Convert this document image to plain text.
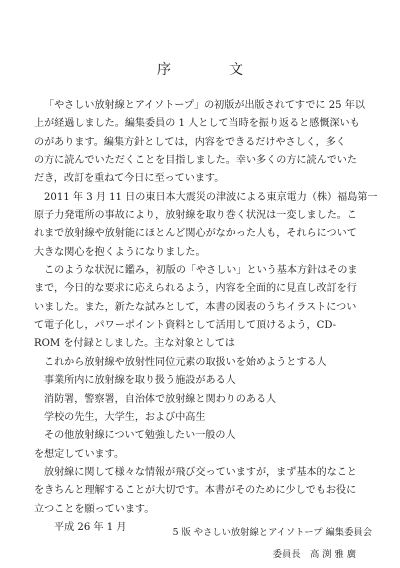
序　文
「やさしい放射線とアイソトープ」の初版が出版されてすでに 25 年以
上が経過しました。編集委員の 1 人として当時を振り返ると感慨深いも
のがあります。編集方針としては，内容をできるだけやさしく，多く
の方に読んでいただくことを目指しました。幸い多くの方に読んでいた
だき，改訂を重ねて今日に至っています。
2011 年 3 月 11 日の東日本大震災の津波による東京電力（株）福島第一
原子力発電所の事故により，放射線を取り巻く状況は一変しました。こ
れまで放射線や放射能にほとんど関心がなかった人も，それらについて
大きな関心を抱くようになりました。
このような状況に鑑み，初版の「やさしい」という基本方針はそのま
まで，今日的な要求に応えられるよう，内容を全面的に見直し改訂を行
いました。また，新たな試みとして，本書の図表のうちイラストについ
て電子化し，パワーポイント資料として活用して頂けるよう，CD-
ROM を付録としました。主な対象としては
これから放射線や放射性同位元素の取扱いを始めようとする人
事業所内に放射線を取り扱う施設がある人
消防署，警察署，自治体で放射線と関わりのある人
学校の先生，大学生，および中高生
その他放射線について勉強したい一般の人
を想定しています。
放射線に関して様々な情報が飛び交っていますが，まず基本的なこと
をきちんと理解することが大切です。本書がそのために少しでもお役に
立つことを願っています。
平成 26 年 1 月	5 版 やさしい放射線とアイソトープ 編集委員会
委員長　高 渕 雅 廣
